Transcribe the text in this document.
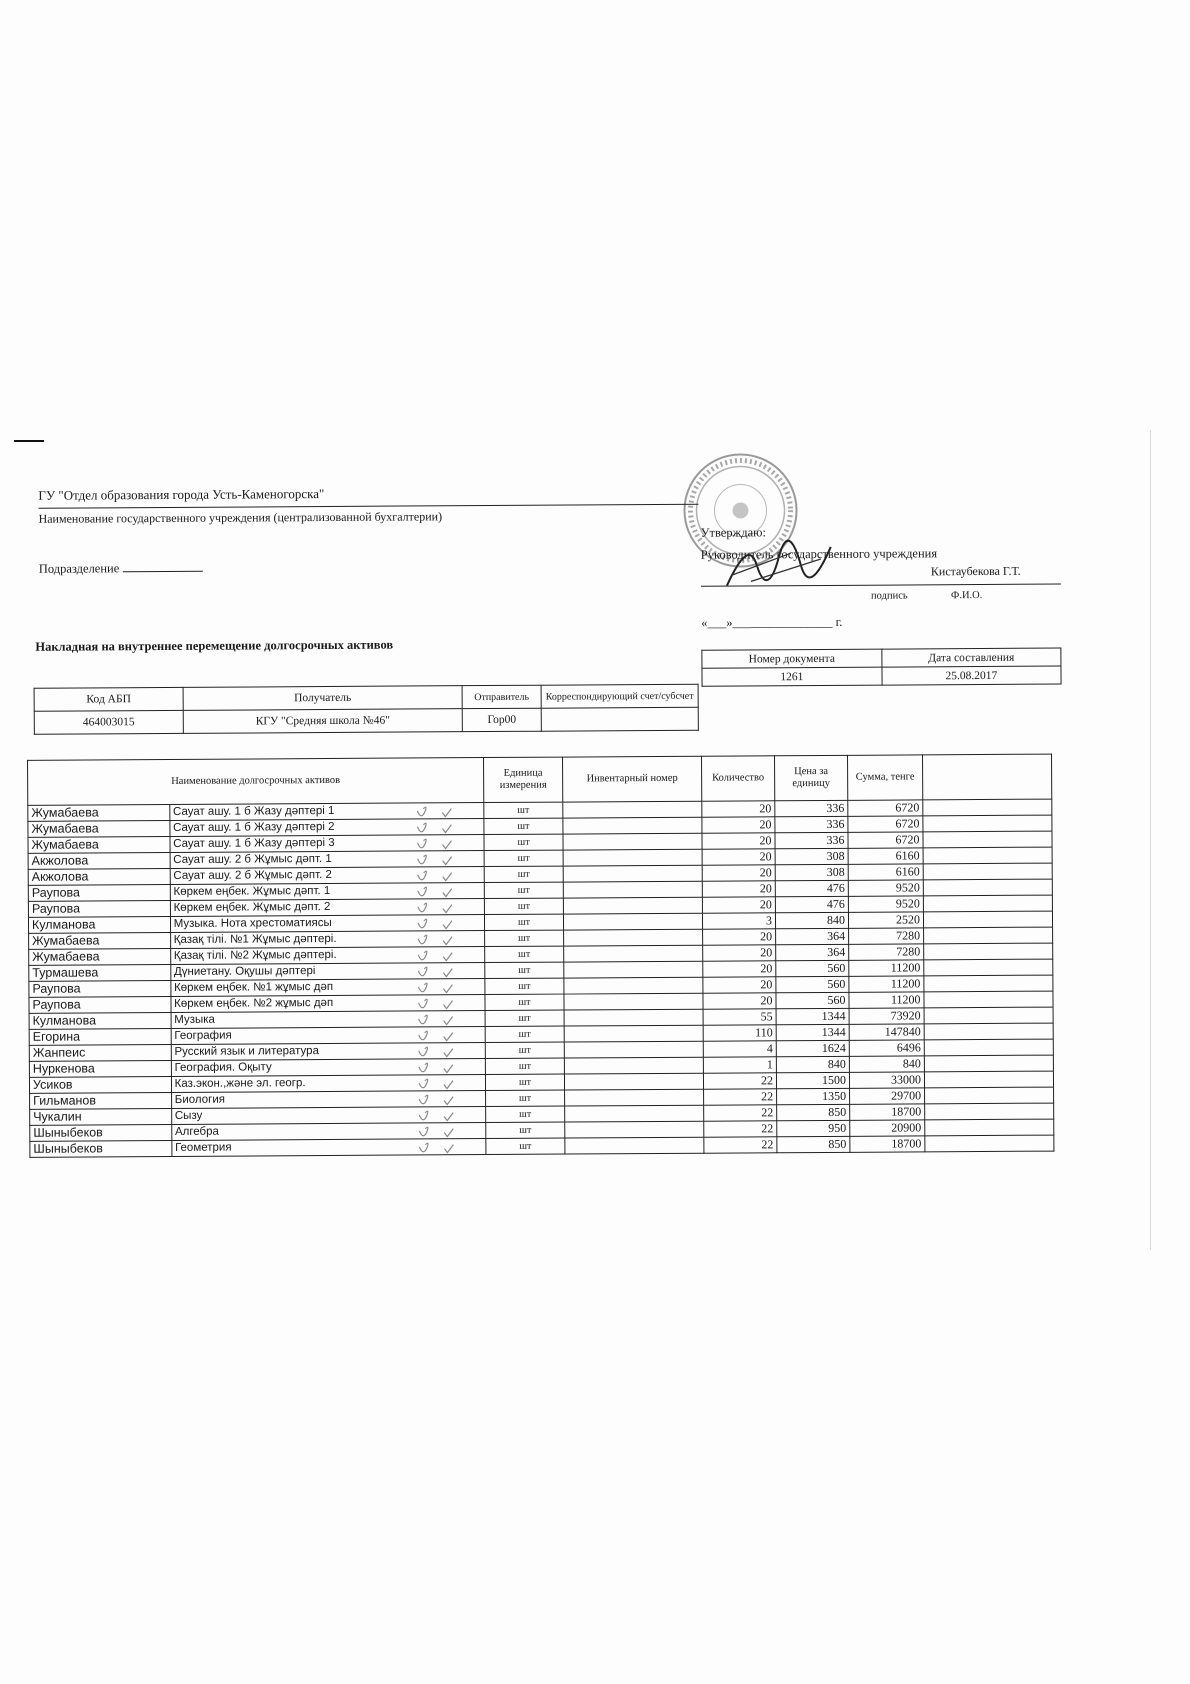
ГУ "Отдел образования города Усть-Каменогорска"
Наименование государственного учреждения (централизованной бухгалтерии)
Подразделение
Утверждаю:
Руководитель государственного учреждения
Кистаубекова Г.Т.
подпись	Ф.И.О.
«___»________________ г.
Накладная на внутреннее перемещение долгосрочных активов
Номер документа	Дата составления
1261	25.08.2017
Код АБП	Получатель	Отправитель	Корреспондирующий счет/субсчет
464003015	КГУ "Средняя школа №46"	Гор00	
Наименование долгосрочных активов		Единица измерения	Инвентарный номер	Количество	Цена за единицу	Сумма, тенге	
Жумабаева	Сауат ашу. 1 б Жазу дәптері 1	шт		20	336	6720	
Жумабаева	Сауат ашу. 1 б Жазу дәптері 2	шт		20	336	6720	
Жумабаева	Сауат ашу. 1 б Жазу дәптері 3	шт		20	336	6720	
Акжолова	Сауат ашу. 2 б Жұмыс дәпт. 1	шт		20	308	6160	
Акжолова	Сауат ашу. 2 б Жұмыс дәпт. 2	шт		20	308	6160	
Раупова	Көркем еңбек. Жұмыс дәпт. 1	шт		20	476	9520	
Раупова	Көркем еңбек. Жұмыс дәпт. 2	шт		20	476	9520	
Кулманова	Музыка. Нота хрестоматиясы	шт		3	840	2520	
Жумабаева	Қазақ тілі. №1 Жұмыс дәптері.	шт		20	364	7280	
Жумабаева	Қазақ тілі. №2 Жұмыс дәптері.	шт		20	364	7280	
Турмашева	Дүниетану. Оқушы дәптері	шт		20	560	11200	
Раупова	Көркем еңбек. №1 жұмыс дәп	шт		20	560	11200	
Раупова	Көркем еңбек. №2 жұмыс дәп	шт		20	560	11200	
Кулманова	Музыка	шт		55	1344	73920	
Егорина	География	шт		110	1344	147840	
Жанпеис	Русский язык и литература	шт		4	1624	6496	
Нуркенова	География. Оқыту	шт		1	840	840	
Усиков	Каз.экон.,және эл. геогр.	шт		22	1500	33000	
Гильманов	Биология	шт		22	1350	29700	
Чукалин	Сызу	шт		22	850	18700	
Шыныбеков	Алгебра	шт		22	950	20900	
Шыныбеков	Геометрия	шт		22	850	18700	
